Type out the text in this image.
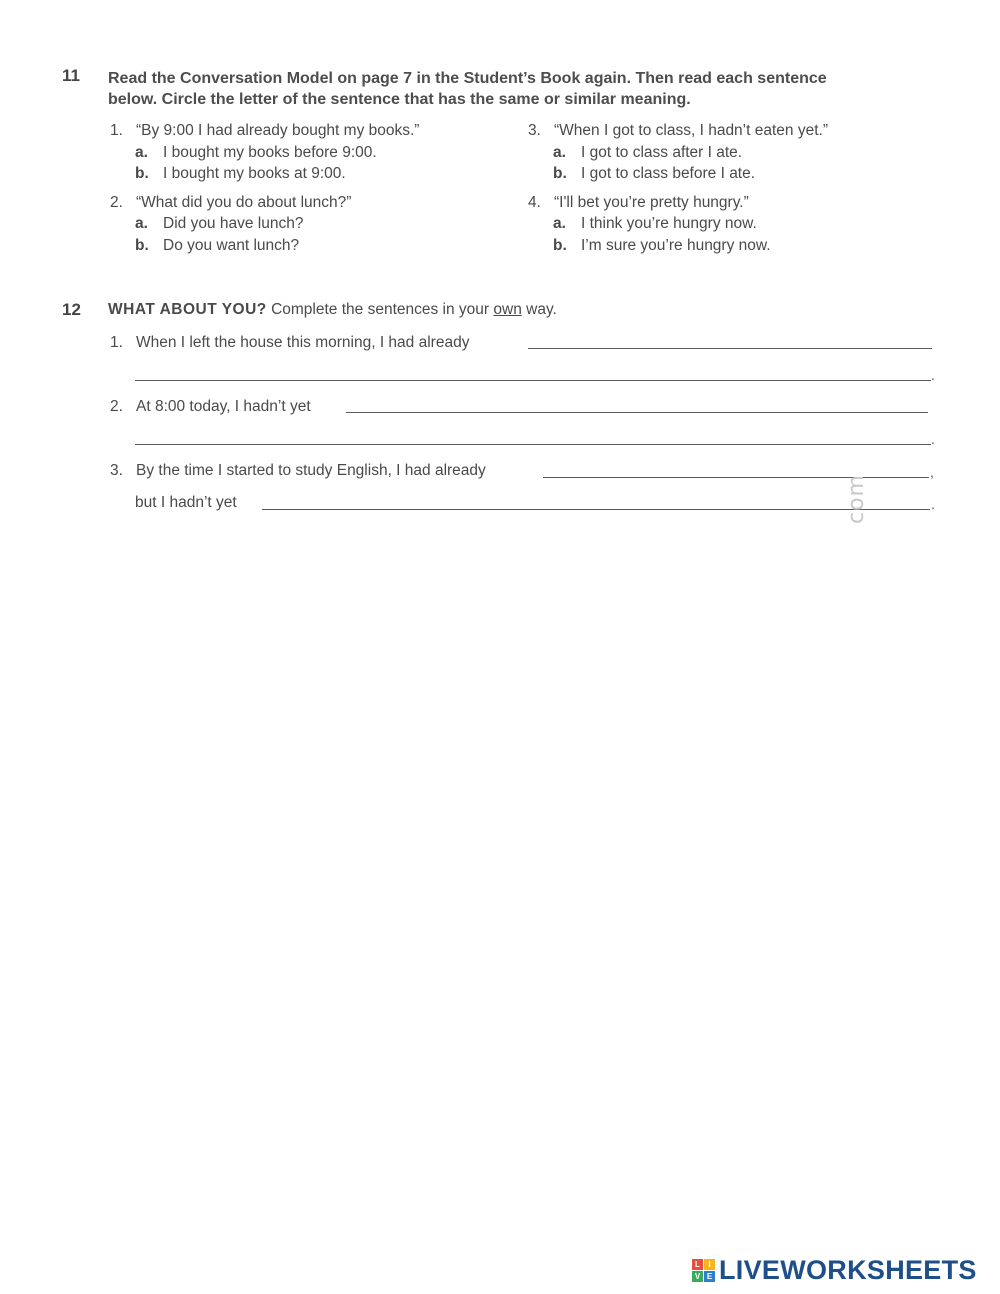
11 Read the Conversation Model on page 7 in the Student’s Book again. Then read each sentence
below. Circle the letter of the sentence that has the same or similar meaning.
1. “By 9:00 I had already bought my books.”
a. I bought my books before 9:00.
b. I bought my books at 9:00.
2. “What did you do about lunch?”
a. Did you have lunch?
b. Do you want lunch?
3. “When I got to class, I hadn’t eaten yet.”
a. I got to class after I ate.
b. I got to class before I ate.
4. “I'll bet you’re pretty hungry.”
a. I think you’re hungry now.
b. I’m sure you’re hungry now.
12 WHAT ABOUT YOU? Complete the sentences in your own way.
1. When I left the house this morning, I had already
.
2. At 8:00 today, I hadn’t yet
.
3. By the time I started to study English, I had already	,
but I hadn’t yet	.
com
L	I
V E LIVEWORKSHEETS
